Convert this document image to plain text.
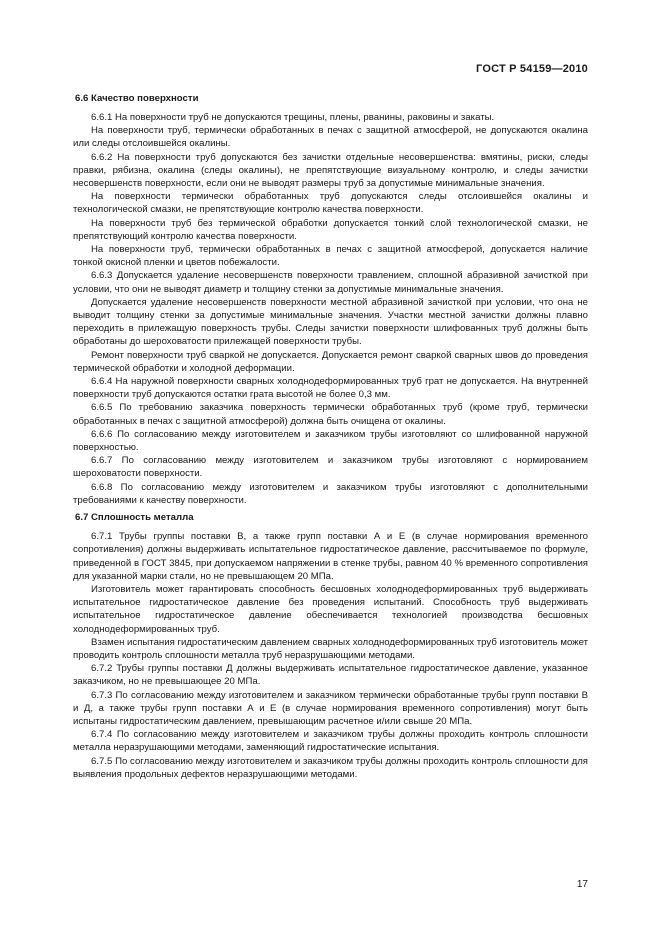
ГОСТ Р 54159—2010
6.6 Качество поверхности

6.6.1 На поверхности труб не допускаются трещины, плены, рванины, раковины и закаты.

На поверхности труб, термически обработанных в печах с защитной атмосферой, не допускаются окалина или следы отслоившейся окалины.

6.6.2 На поверхности труб допускаются без зачистки отдельные несовершенства: вмятины, риски, следы правки, рябизна, окалина (следы окалины), не препятствующие визуальному контролю, и следы зачистки несовершенств поверхности, если они не выводят размеры труб за допустимые минимальные значения.

На поверхности термически обработанных труб допускаются следы отслоившейся окалины и технологической смазки, не препятствующие контролю качества поверхности.

На поверхности труб без термической обработки допускается тонкий слой технологической смазки, не препятствующий контролю качества поверхности.

На поверхности труб, термически обработанных в печах с защитной атмосферой, допускается наличие тонкой окисной пленки и цветов побежалости.

6.6.3 Допускается удаление несовершенств поверхности травлением, сплошной абразивной зачисткой при условии, что они не выводят диаметр и толщину стенки за допустимые минимальные значения.

Допускается удаление несовершенств поверхности местной абразивной зачисткой при условии, что она не выводит толщину стенки за допустимые минимальные значения. Участки местной зачистки должны плавно переходить в прилежащую поверхность трубы. Следы зачистки поверхности шлифованных труб должны быть обработаны до шероховатости прилежащей поверхности трубы.

Ремонт поверхности труб сваркой не допускается. Допускается ремонт сваркой сварных швов до проведения термической обработки и холодной деформации.

6.6.4 На наружной поверхности сварных холоднодеформированных труб грат не допускается. На внутренней поверхности труб допускаются остатки грата высотой не более 0,3 мм.

6.6.5 По требованию заказчика поверхность термически обработанных труб (кроме труб, термически обработанных в печах с защитной атмосферой) должна быть очищена от окалины.

6.6.6 По согласованию между изготовителем и заказчиком трубы изготовляют со шлифованной наружной поверхностью.

6.6.7 По согласованию между изготовителем и заказчиком трубы изготовляют с нормированием шероховатости поверхности.

6.6.8 По согласованию между изготовителем и заказчиком трубы изготовляют с дополнительными требованиями к качеству поверхности.

6.7 Сплошность металла

6.7.1 Трубы группы поставки В, а также групп поставки А и Е (в случае нормирования временного сопротивления) должны выдерживать испытательное гидростатическое давление, рассчитываемое по формуле, приведенной в ГОСТ 3845, при допускаемом напряжении в стенке трубы, равном 40 % временного сопротивления для указанной марки стали, но не превышающем 20 МПа.

Изготовитель может гарантировать способность бесшовных холоднодеформированных труб выдерживать испытательное гидростатическое давление без проведения испытаний. Способность труб выдерживать испытательное гидростатическое давление обеспечивается технологией производства бесшовных холоднодеформированных труб.

Взамен испытания гидростатическим давлением сварных холоднодеформированных труб изготовитель может проводить контроль сплошности металла труб неразрушающими методами.

6.7.2 Трубы группы поставки Д должны выдерживать испытательное гидростатическое давление, указанное заказчиком, но не превышающее 20 МПа.

6.7.3 По согласованию между изготовителем и заказчиком термически обработанные трубы групп поставки В и Д, а также трубы групп поставки А и Е (в случае нормирования временного сопротивления) могут быть испытаны гидростатическим давлением, превышающим расчетное и/или свыше 20 МПа.

6.7.4 По согласованию между изготовителем и заказчиком трубы должны проходить контроль сплошности металла неразрушающими методами, заменяющий гидростатические испытания.

6.7.5 По согласованию между изготовителем и заказчиком трубы должны проходить контроль сплошности для выявления продольных дефектов неразрушающими методами.

17
